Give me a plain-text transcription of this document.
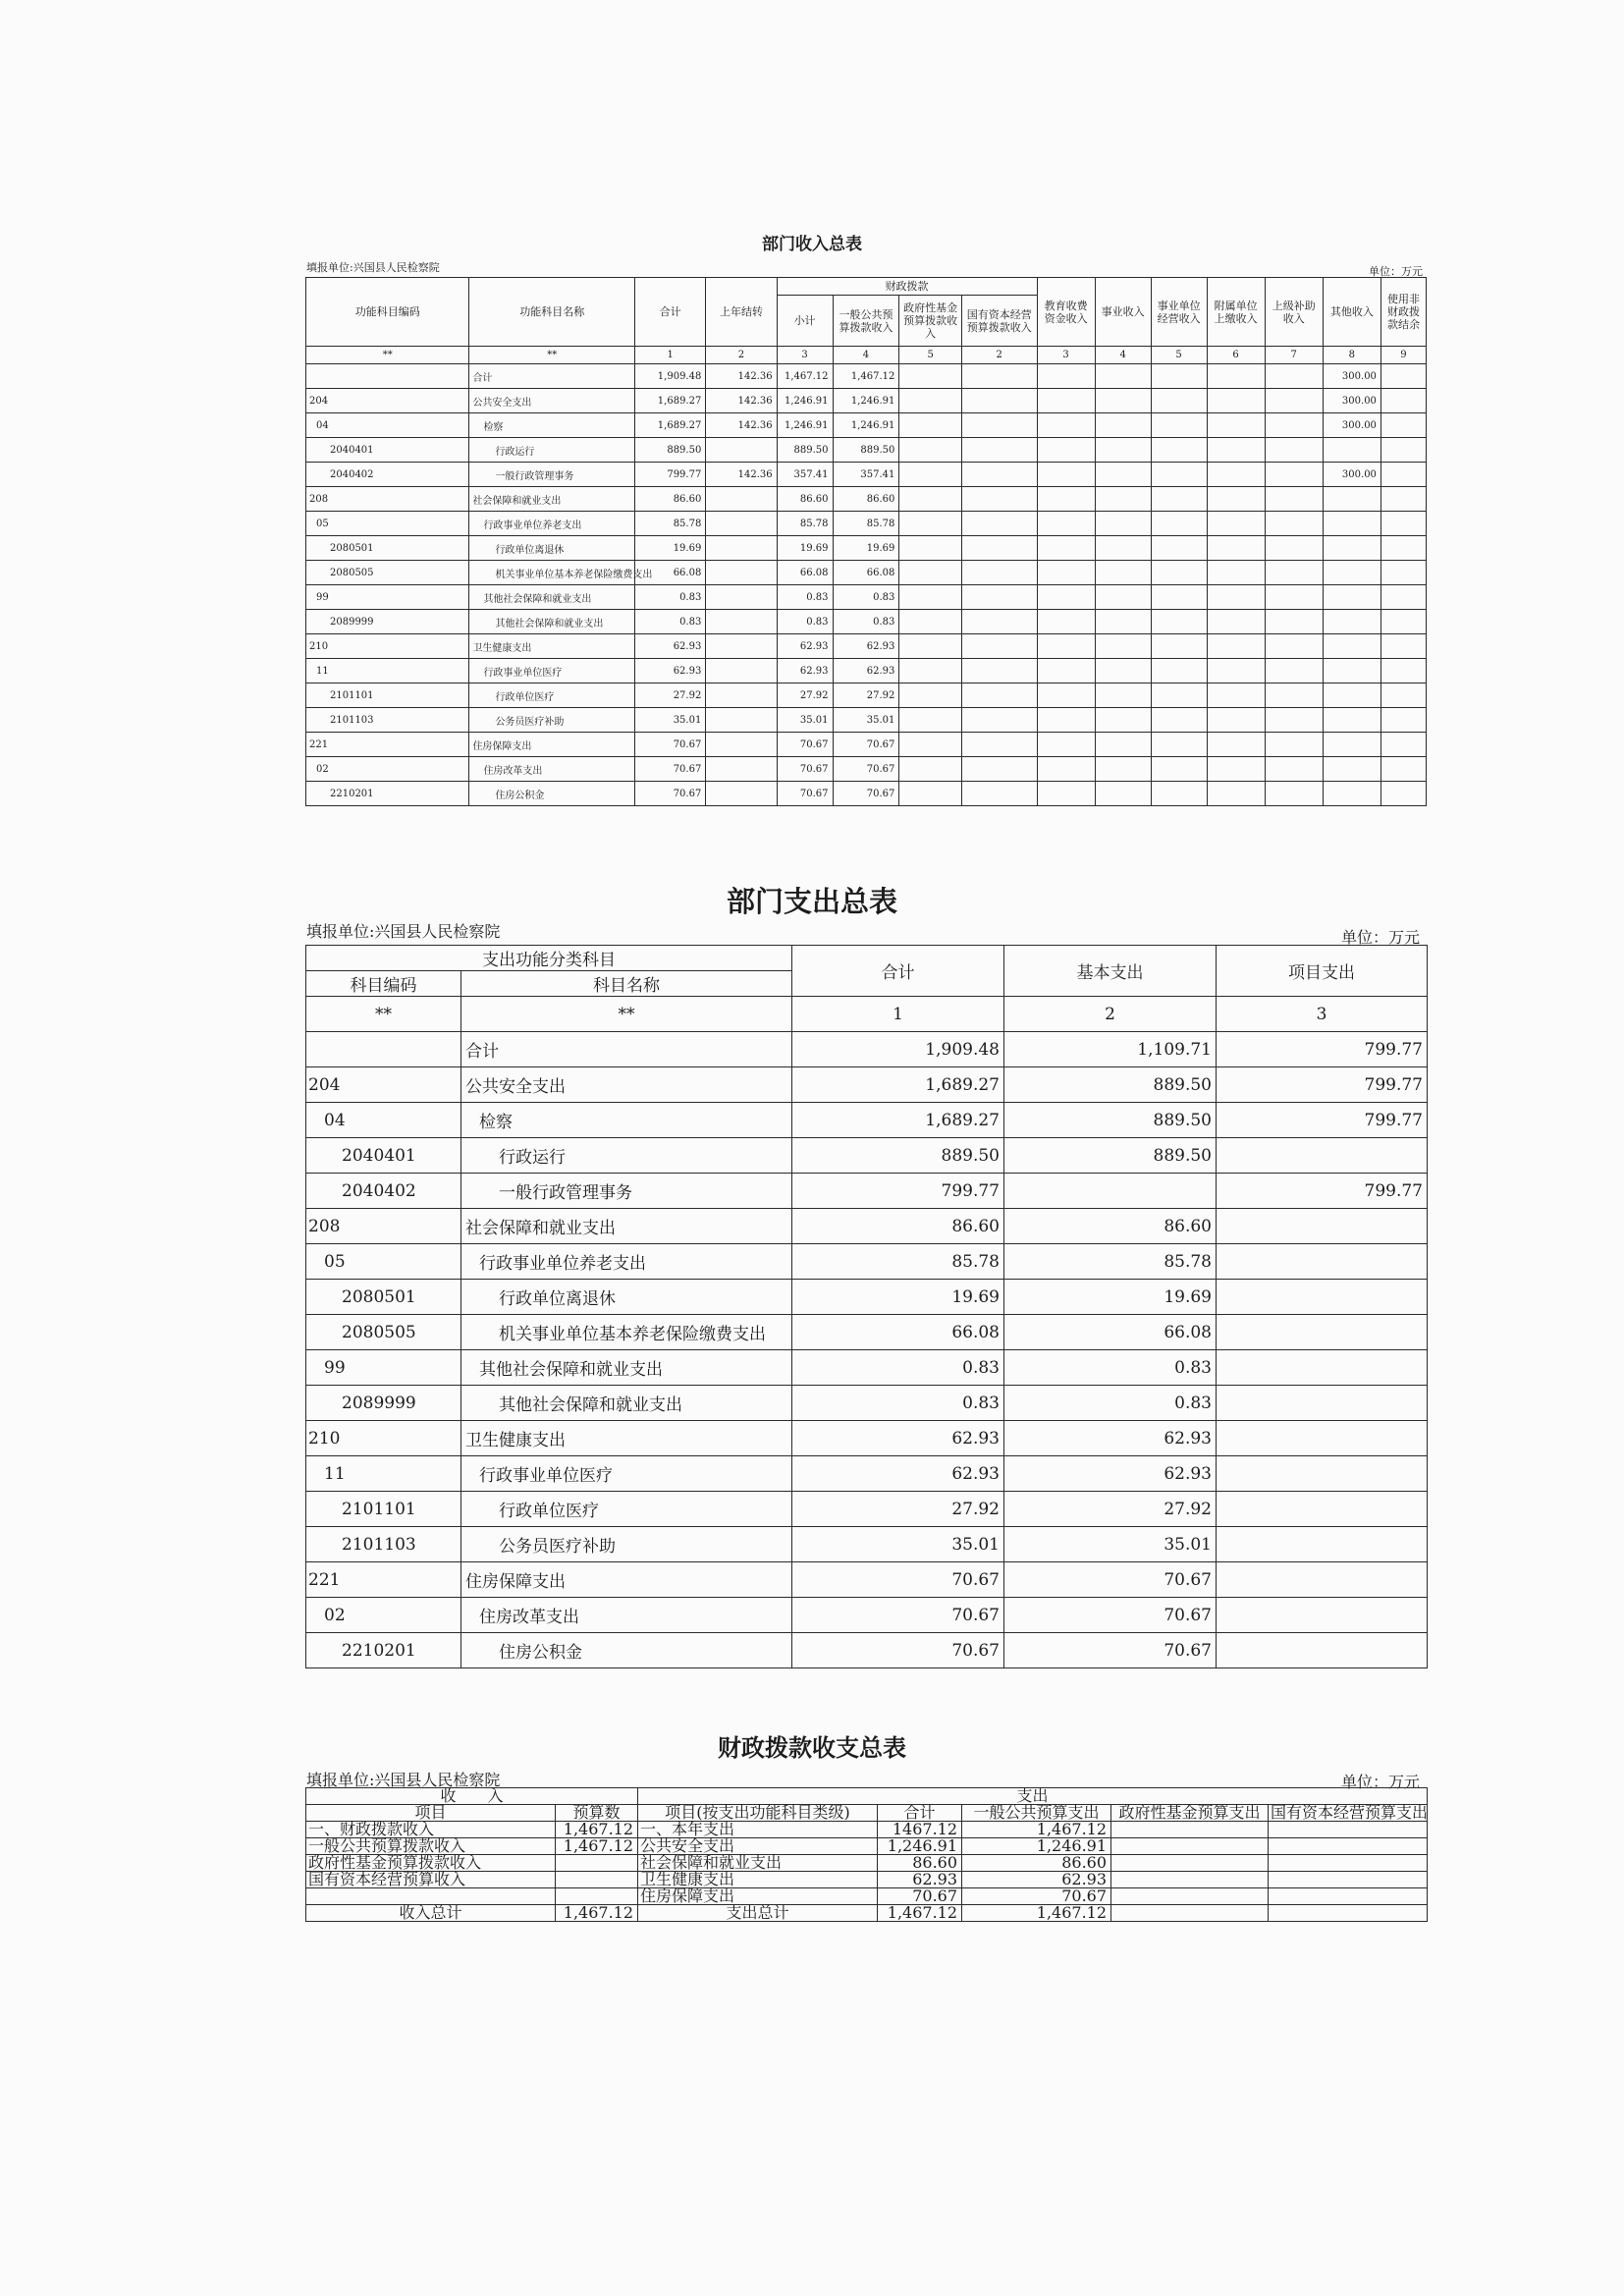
部门收入总表
填报单位:兴国县人民检察院	单位：万元
功能科目编码	功能科目名称	合计	上年结转	财政拨款				教育收费资金收入	事业收入	事业单位经营收入	附属单位上缴收入	上级补助收入	其他收入	使用非财政拨款结余
				小计	一般公共预算拨款收入	政府性基金预算拨款收入	国有资本经营预算拨款收入							
**	**	1	2	3	4	5	2	3	4	5	6	7	8	9
	合计	1,909.48	142.36	1,467.12	1,467.12								300.00	
204	公共安全支出	1,689.27	142.36	1,246.91	1,246.91								300.00	
04	检察	1,689.27	142.36	1,246.91	1,246.91								300.00	
2040401	行政运行	889.50		889.50	889.50									
2040402	一般行政管理事务	799.77	142.36	357.41	357.41								300.00	
208	社会保障和就业支出	86.60		86.60	86.60									
05	行政事业单位养老支出	85.78		85.78	85.78									
2080501	行政单位离退休	19.69		19.69	19.69									
2080505	机关事业单位基本养老保险缴费支出	66.08		66.08	66.08									
99	其他社会保障和就业支出	0.83		0.83	0.83									
2089999	其他社会保障和就业支出	0.83		0.83	0.83									
210	卫生健康支出	62.93		62.93	62.93									
11	行政事业单位医疗	62.93		62.93	62.93									
2101101	行政单位医疗	27.92		27.92	27.92									
2101103	公务员医疗补助	35.01		35.01	35.01									
221	住房保障支出	70.67		70.67	70.67									
02	住房改革支出	70.67		70.67	70.67									
2210201	住房公积金	70.67		70.67	70.67									
部门支出总表
填报单位:兴国县人民检察院	单位：万元
支出功能分类科目		合计	基本支出	项目支出
科目编码	科目名称			
**	**	1	2	3
	合计	1,909.48	1,109.71	799.77
204	公共安全支出	1,689.27	889.50	799.77
04	检察	1,689.27	889.50	799.77
2040401	行政运行	889.50	889.50	
2040402	一般行政管理事务	799.77		799.77
208	社会保障和就业支出	86.60	86.60	
05	行政事业单位养老支出	85.78	85.78	
2080501	行政单位离退休	19.69	19.69	
2080505	机关事业单位基本养老保险缴费支出	66.08	66.08	
99	其他社会保障和就业支出	0.83	0.83	
2089999	其他社会保障和就业支出	0.83	0.83	
210	卫生健康支出	62.93	62.93	
11	行政事业单位医疗	62.93	62.93	
2101101	行政单位医疗	27.92	27.92	
2101103	公务员医疗补助	35.01	35.01	
221	住房保障支出	70.67	70.67	
02	住房改革支出	70.67	70.67	
2210201	住房公积金	70.67	70.67	
财政拨款收支总表
填报单位:兴国县人民检察院	单位：万元
收　　入		支出				
项目	预算数	项目(按支出功能科目类级)	合计	一般公共预算支出	政府性基金预算支出	国有资本经营预算支出
一、财政拨款收入	1,467.12	一、本年支出	1467.12	1,467.12		
一般公共预算拨款收入	1,467.12	公共安全支出	1,246.91	1,246.91		
政府性基金预算拨款收入		社会保障和就业支出	86.60	86.60		
国有资本经营预算收入		卫生健康支出	62.93	62.93		
		住房保障支出	70.67	70.67		
收入总计	1,467.12	支出总计	1,467.12	1,467.12		
